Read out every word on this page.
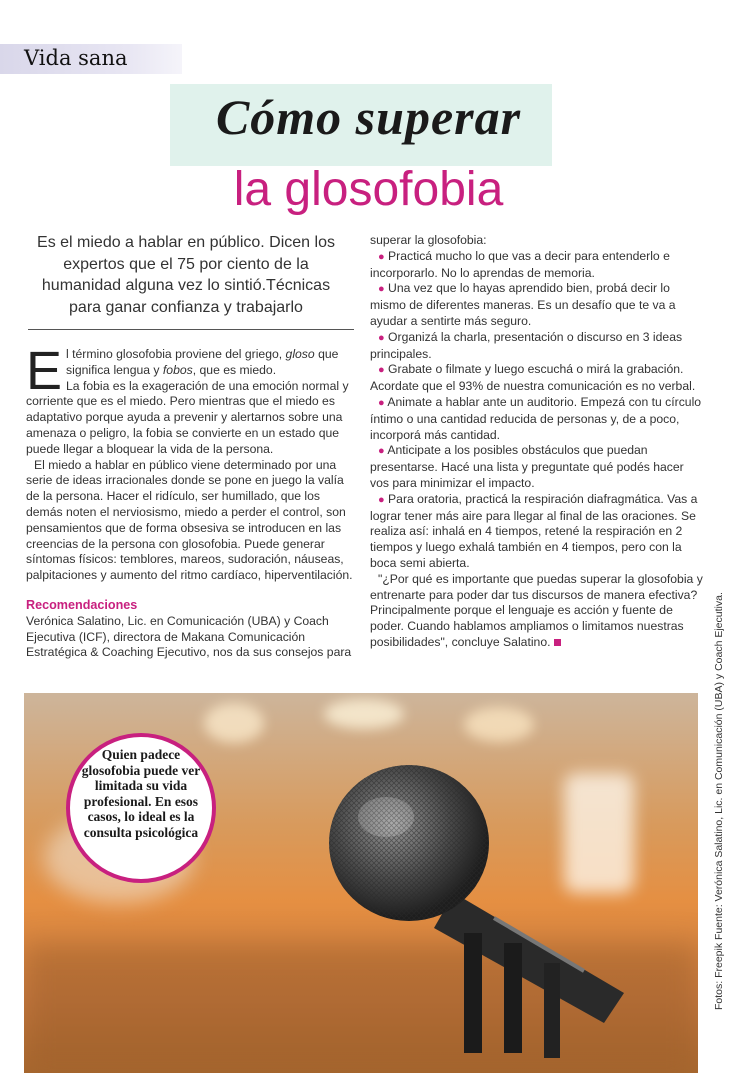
Vida sana
Cómo superar
la glosofobia
Es el miedo a hablar en público. Dicen los expertos que el 75 por ciento de la humanidad alguna vez lo sintió.Técnicas para ganar confianza y trabajarlo

El término glosofobia proviene del griego, gloso que significa lengua y fobos, que es miedo.

La fobia es la exageración de una emoción normal y corriente que es el miedo. Pero mientras que el miedo es adaptativo porque ayuda a prevenir y alertarnos sobre una amenaza o peligro, la fobia se convierte en un estado que puede llegar a bloquear la vida de la persona.

El miedo a hablar en público viene determinado por una serie de ideas irracionales donde se pone en juego la valía de la persona. Hacer el ridículo, ser humillado, que los demás noten el nerviosismo, miedo a perder el control, son pensamientos que de forma obsesiva se introducen en las creencias de la persona con glosofobia. Puede generar síntomas físicos: temblores, mareos, sudoración, náuseas, palpitaciones y aumento del ritmo cardíaco, hiperventilación.

Recomendaciones

Verónica Salatino, Lic. en Comunicación (UBA) y Coach Ejecutiva (ICF), directora de Makana Comunicación Estratégica & Coaching Ejecutivo, nos da sus consejos para

superar la glosofobia:

● Practicá mucho lo que vas a decir para entenderlo e incorporarlo. No lo aprendas de memoria.

● Una vez que lo hayas aprendido bien, probá decir lo mismo de diferentes maneras. Es un desafío que te va a ayudar a sentirte más seguro.

● Organizá la charla, presentación o discurso en 3 ideas principales.

● Grabate o filmate y luego escuchá o mirá la grabación. Acordate que el 93% de nuestra comunicación es no verbal.

● Animate a hablar ante un auditorio. Empezá con tu círculo íntimo o una cantidad reducida de personas y, de a poco, incorporá más cantidad.

● Anticipate a los posibles obstáculos que puedan presentarse. Hacé una lista y preguntate qué podés hacer vos para minimizar el impacto.

● Para oratoria, practicá la respiración diafragmática. Vas a lograr tener más aire para llegar al final de las oraciones. Se realiza así: inhalá en 4 tiempos, retené la respiración en 2 tiempos y luego exhalá también en 4 tiempos, pero con la boca semi abierta.

"¿Por qué es importante que puedas superar la glosofobia y entrenarte para poder dar tus discursos de manera efectiva? Principalmente porque el lenguaje es acción y fuente de poder. Cuando hablamos ampliamos o limitamos nuestras posibilidades", concluye Salatino.

Quien padece glosofobia puede ver limitada su vida profesional. En esos casos, lo ideal es la consulta psicológica	Fotos: Freepik Fuente: Verónica Salatino, Lic. en Comunicación (UBA) y Coach Ejecutiva.
